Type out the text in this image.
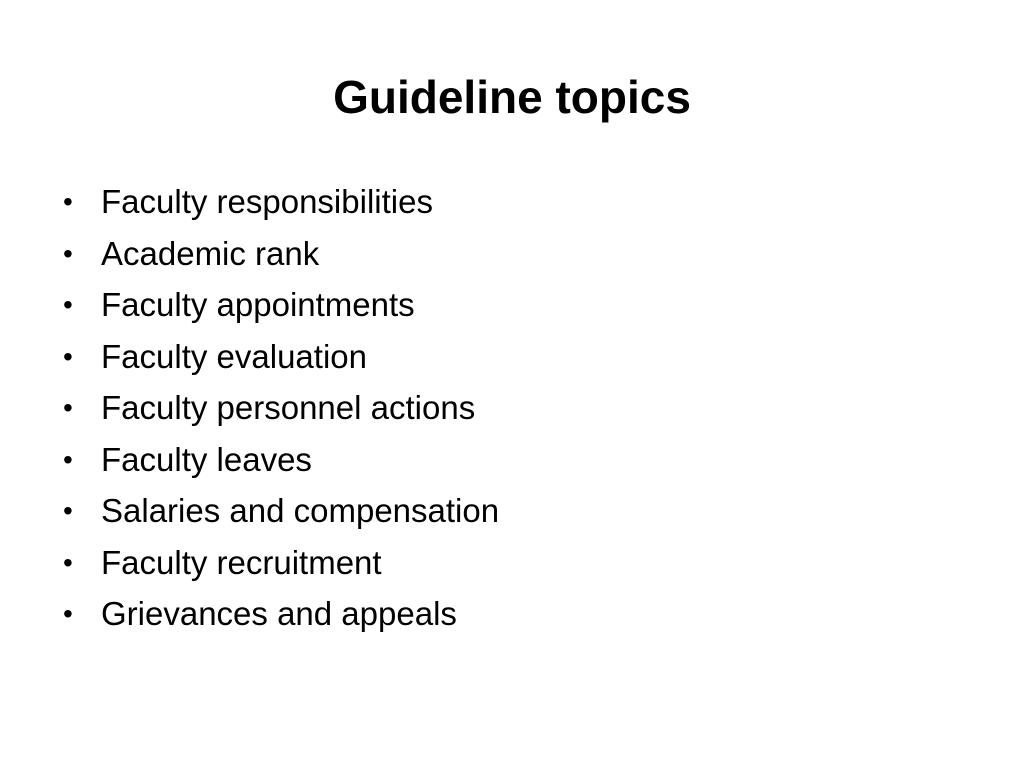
Guideline topics
• Faculty responsibilities
• Academic rank
• Faculty appointments
• Faculty evaluation
• Faculty personnel actions
• Faculty leaves
• Salaries and compensation
• Faculty recruitment
• Grievances and appeals
